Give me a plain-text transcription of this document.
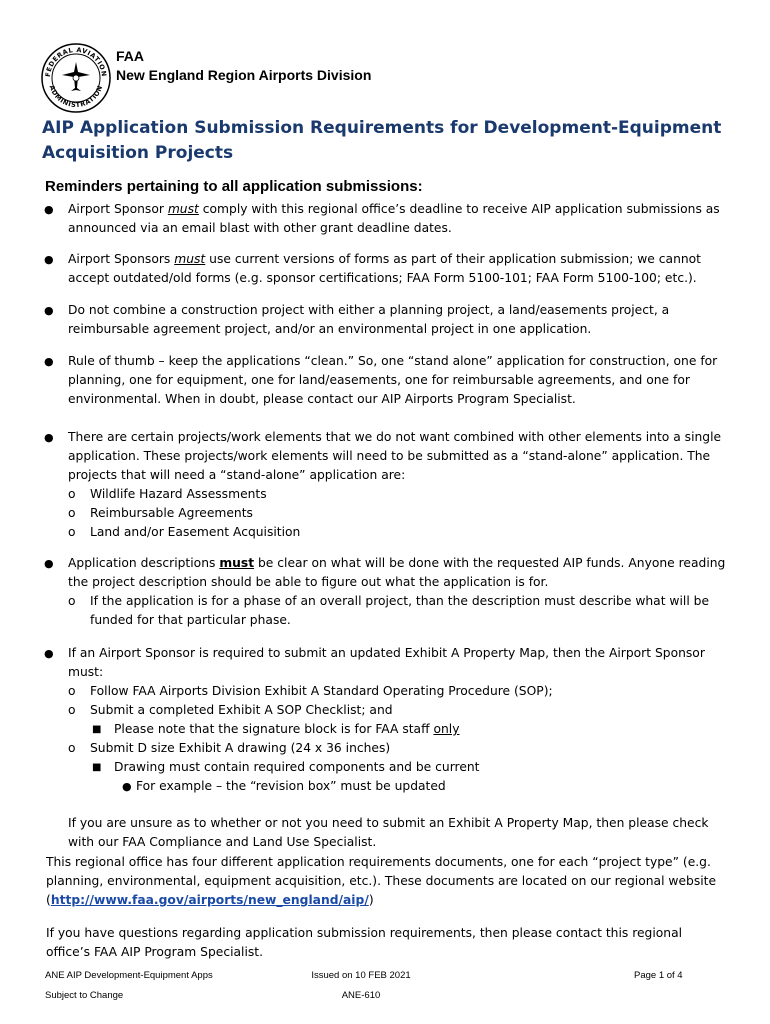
FEDERAL AVIATION
ADMINISTRATION
FAA
New England Region Airports Division
AIP Application Submission Requirements for Development-Equipment Acquisition Projects
Reminders pertaining to all application submissions:
● Airport Sponsor must comply with this regional office’s deadline to receive AIP application submissions as announced via an email blast with other grant deadline dates.
● Airport Sponsors must use current versions of forms as part of their application submission; we cannot accept outdated/old forms (e.g. sponsor certifications; FAA Form 5100-101; FAA Form 5100-100; etc.).
● Do not combine a construction project with either a planning project, a land/easements project, a reimbursable agreement project, and/or an environmental project in one application.
● Rule of thumb – keep the applications “clean.” So, one “stand alone” application for construction, one for planning, one for equipment, one for land/easements, one for reimbursable agreements, and one for environmental. When in doubt, please contact our AIP Airports Program Specialist.
● There are certain projects/work elements that we do not want combined with other elements into a single application. These projects/work elements will need to be submitted as a “stand-alone” application. The projects that will need a “stand-alone” application are:
o Wildlife Hazard Assessments
o Reimbursable Agreements
o Land and/or Easement Acquisition
● Application descriptions must be clear on what will be done with the requested AIP funds. Anyone reading the project description should be able to figure out what the application is for.
o If the application is for a phase of an overall project, than the description must describe what will be funded for that particular phase.
● If an Airport Sponsor is required to submit an updated Exhibit A Property Map, then the Airport Sponsor must:
o Follow FAA Airports Division Exhibit A Standard Operating Procedure (SOP);
o Submit a completed Exhibit A SOP Checklist; and
■ Please note that the signature block is for FAA staff only
o Submit D size Exhibit A drawing (24 x 36 inches)
■ Drawing must contain required components and be current
● For example – the “revision box” must be updated
If you are unsure as to whether or not you need to submit an Exhibit A Property Map, then please check with our FAA Compliance and Land Use Specialist.
This regional office has four different application requirements documents, one for each “project type” (e.g. planning, environmental, equipment acquisition, etc.). These documents are located on our regional website (http://www.faa.gov/airports/new_england/aip/)
If you have questions regarding application submission requirements, then please contact this regional office’s FAA AIP Program Specialist.
ANE AIP Development-Equipment Apps
Subject to Change
Issued on 10 FEB 2021
ANE-610
Page 1 of 4
